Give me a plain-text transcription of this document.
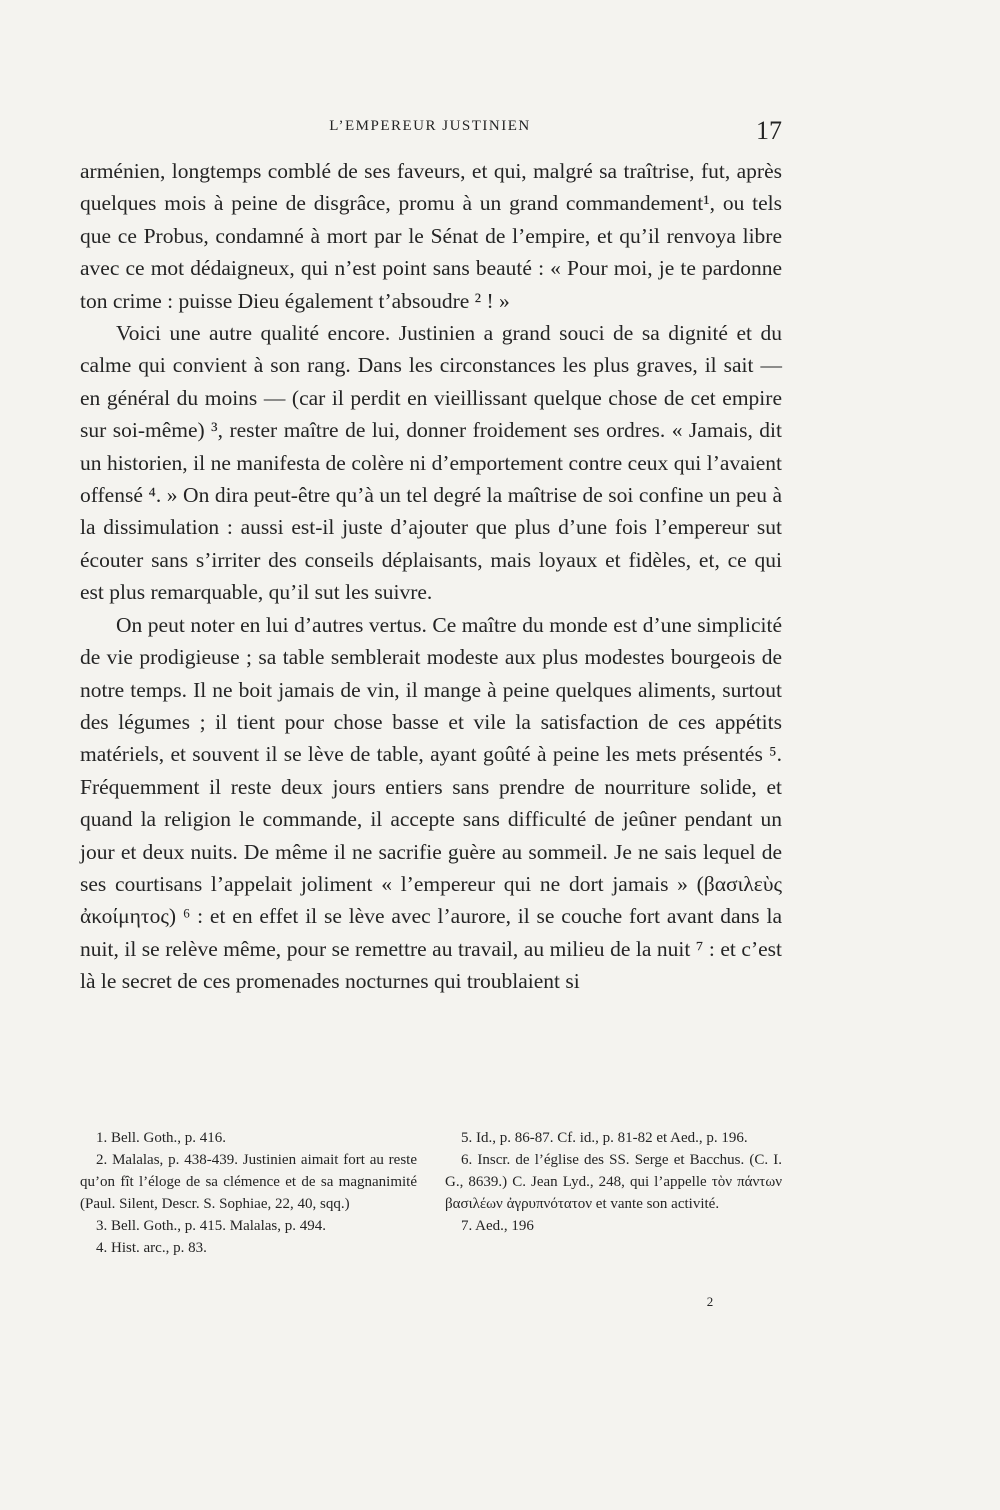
L’EMPEREUR JUSTINIEN	17

arménien, longtemps comblé de ses faveurs, et qui, malgré sa traîtrise, fut, après quelques mois à peine de disgrâce, promu à un grand commandement¹, ou tels que ce Probus, condamné à mort par le Sénat de l’empire, et qu’il renvoya libre avec ce mot dédaigneux, qui n’est point sans beauté : « Pour moi, je te pardonne ton crime : puisse Dieu également t’absoudre ² ! »

Voici une autre qualité encore. Justinien a grand souci de sa dignité et du calme qui convient à son rang. Dans les circonstances les plus graves, il sait — en général du moins — (car il perdit en vieillissant quelque chose de cet empire sur soi-même) ³, rester maître de lui, donner froidement ses ordres. « Jamais, dit un historien, il ne manifesta de colère ni d’emportement contre ceux qui l’avaient offensé ⁴. » On dira peut-être qu’à un tel degré la maîtrise de soi confine un peu à la dissimulation : aussi est-il juste d’ajouter que plus d’une fois l’empereur sut écouter sans s’irriter des conseils déplaisants, mais loyaux et fidèles, et, ce qui est plus remarquable, qu’il sut les suivre.

On peut noter en lui d’autres vertus. Ce maître du monde est d’une simplicité de vie prodigieuse ; sa table semblerait modeste aux plus modestes bourgeois de notre temps. Il ne boit jamais de vin, il mange à peine quelques aliments, surtout des légumes ; il tient pour chose basse et vile la satisfaction de ces appétits matériels, et souvent il se lève de table, ayant goûté à peine les mets présentés ⁵. Fréquemment il reste deux jours entiers sans prendre de nourriture solide, et quand la religion le commande, il accepte sans difficulté de jeûner pendant un jour et deux nuits. De même il ne sacrifie guère au sommeil. Je ne sais lequel de ses courtisans l’appelait joliment « l’empereur qui ne dort jamais » (βασιλεὺς ἀκοίμητος) ⁶ : et en effet il se lève avec l’aurore, il se couche fort avant dans la nuit, il se relève même, pour se remettre au travail, au milieu de la nuit ⁷ : et c’est là le secret de ces promenades nocturnes qui troublaient si

1. Bell. Goth., p. 416.

2. Malalas, p. 438-439. Justinien aimait fort au reste qu’on fît l’éloge de sa clémence et de sa magnanimité (Paul. Silent, Descr. S. Sophiae, 22, 40, sqq.)

3. Bell. Goth., p. 415. Malalas, p. 494.

4. Hist. arc., p. 83.

5. Id., p. 86-87. Cf. id., p. 81-82 et Aed., p. 196.

6. Inscr. de l’église des SS. Serge et Bacchus. (C. I. G., 8639.) C. Jean Lyd., 248, qui l’appelle τὸν πάντων βασιλέων ἀγρυπνότατον et vante son activité.

7. Aed., 196

2
